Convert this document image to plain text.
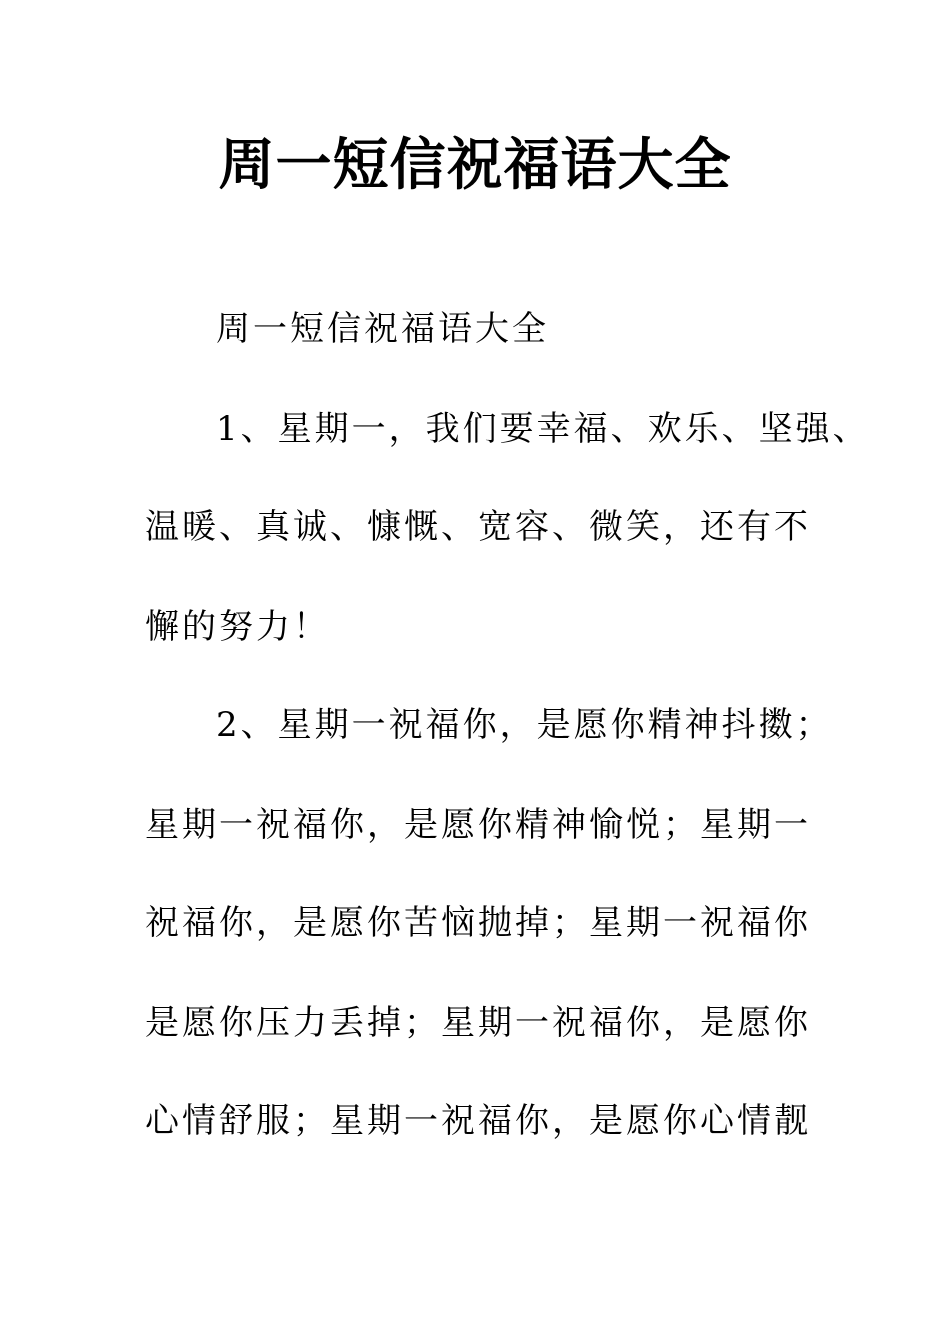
周一短信祝福语大全

周一短信祝福语大全

1、星期一，我们要幸福、欢乐、坚强、

温暖、真诚、慷慨、宽容、微笑，还有不

懈的努力！

2、星期一祝福你，是愿你精神抖擞；

星期一祝福你，是愿你精神愉悦；星期一

祝福你，是愿你苦恼抛掉；星期一祝福你

是愿你压力丢掉；星期一祝福你，是愿你

心情舒服；星期一祝福你，是愿你心情靓
